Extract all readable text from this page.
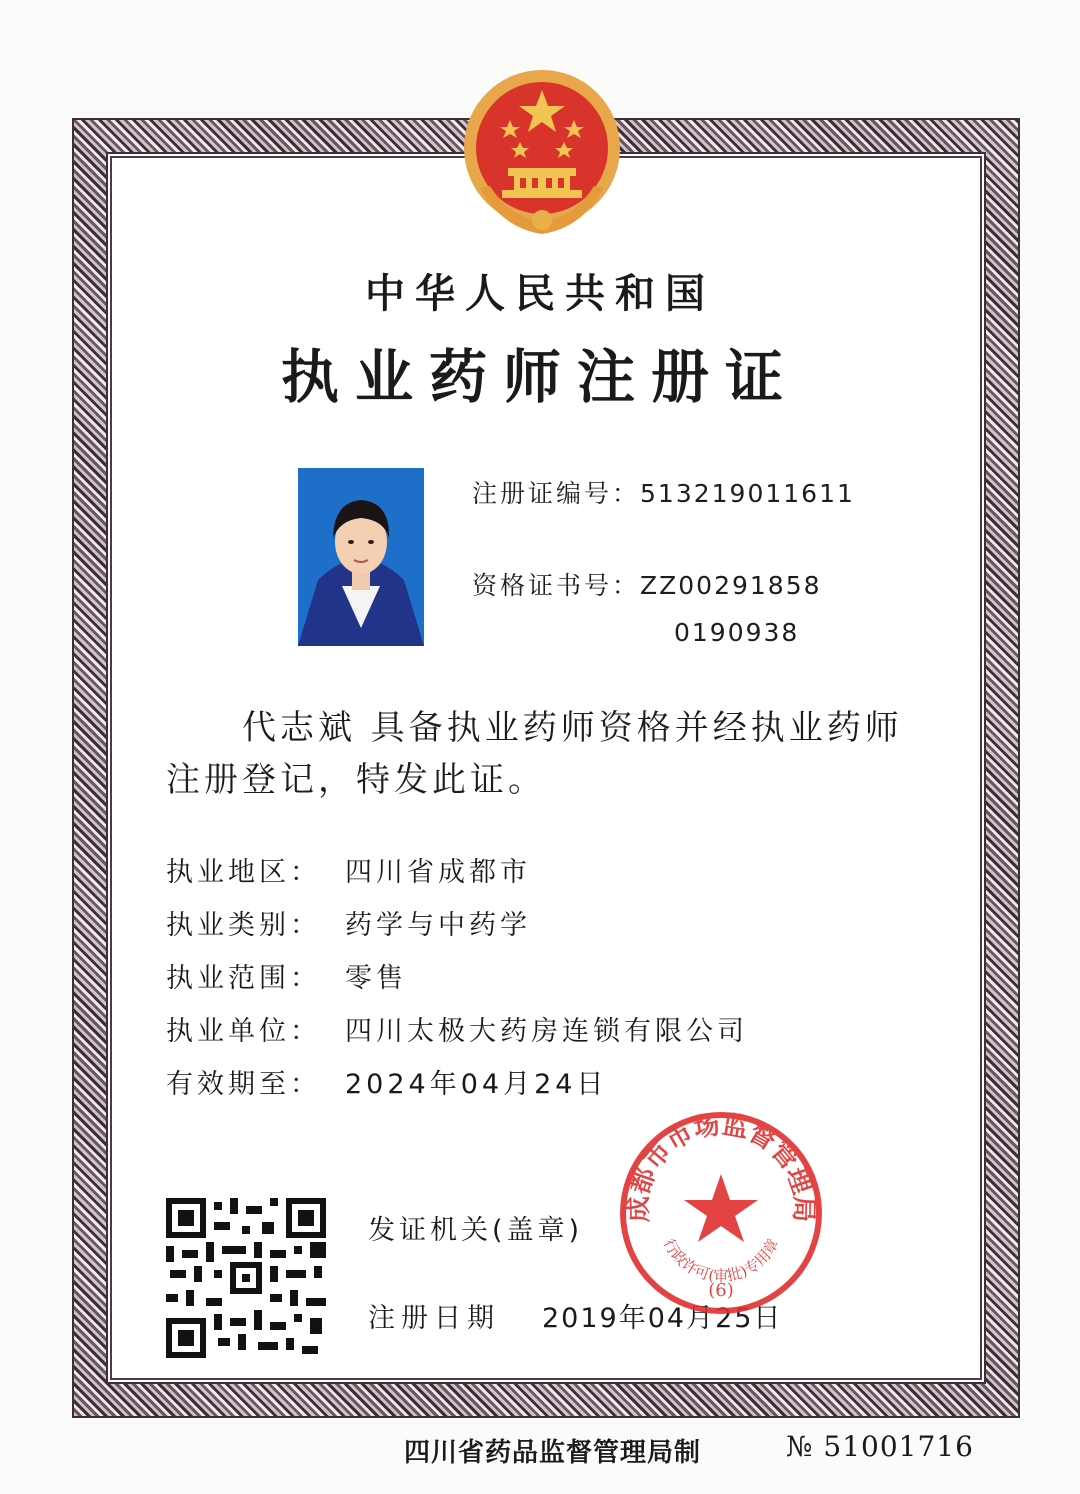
中华人民共和国
执业药师注册证
注册证编号：513219011611
资格证书号：ZZ00291858
0190938
代志斌 具备执业药师资格并经执业药师
注册登记，特发此证。
执业地区： 四川省成都市
执业类别： 药学与中药学
执业范围： 零售
执业单位： 四川太极大药房连锁有限公司
有效期至： 2024年04月24日
发证机关(盖章)
注册日期 2019年04月25日
成都市市场监督管理局
行政许可(审批)专用章
(6)
四川省药品监督管理局制	№ 51001716
